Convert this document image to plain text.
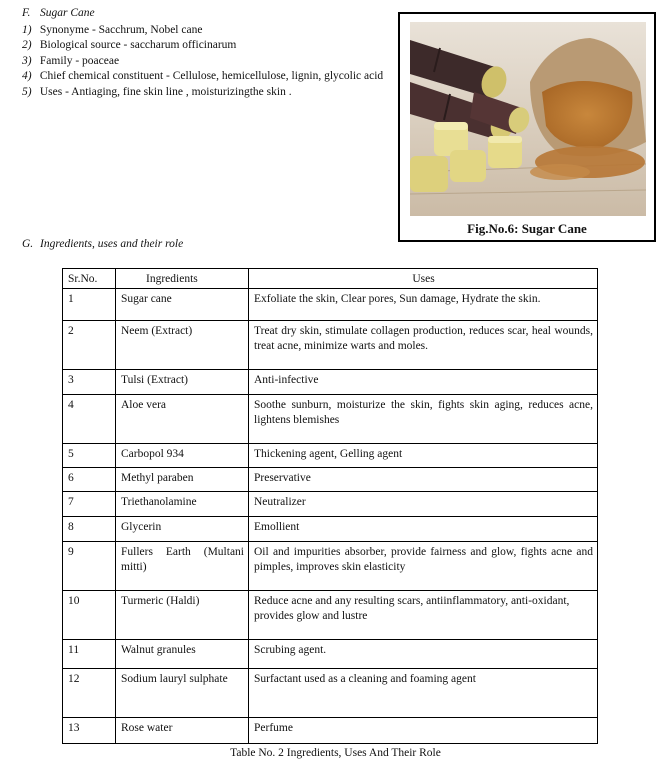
F. Sugar Cane
1) Synonyme - Sacchrum, Nobel cane
2) Biological source - saccharum officinarum
3) Family - poaceae
4) Chief chemical constituent - Cellulose, hemicellulose, lignin, glycolic acid
5) Uses - Antiaging, fine skin line , moisturizingthe skin .
Fig.No.6: Sugar Cane
G. Ingredients, uses and their role
Sr.No.	Ingredients	Uses
1	Sugar cane	Exfoliate the skin, Clear pores, Sun damage, Hydrate the skin.
2	Neem (Extract)	Treat dry skin, stimulate collagen production, reduces scar, heal wounds, treat acne, minimize warts and moles.
3	Tulsi (Extract)	Anti-infective
4	Aloe vera	Soothe sunburn, moisturize the skin, fights skin aging, reduces acne, lightens blemishes
5	Carbopol 934	Thickening agent, Gelling agent
6	Methyl paraben	Preservative
7	Triethanolamine	Neutralizer
8	Glycerin	Emollient
9	Fullers Earth (Multani mitti)	Oil and impurities absorber, provide fairness and glow, fights acne and pimples, improves skin elasticity
10	Turmeric (Haldi)	Reduce acne and any resulting scars, antiinflammatory, anti-oxidant, provides glow and lustre
11	Walnut granules	Scrubing agent.
12	Sodium lauryl sulphate	Surfactant used as a cleaning and foaming agent
13	Rose water	Perfume
Table No. 2 Ingredients, Uses And Their Role
